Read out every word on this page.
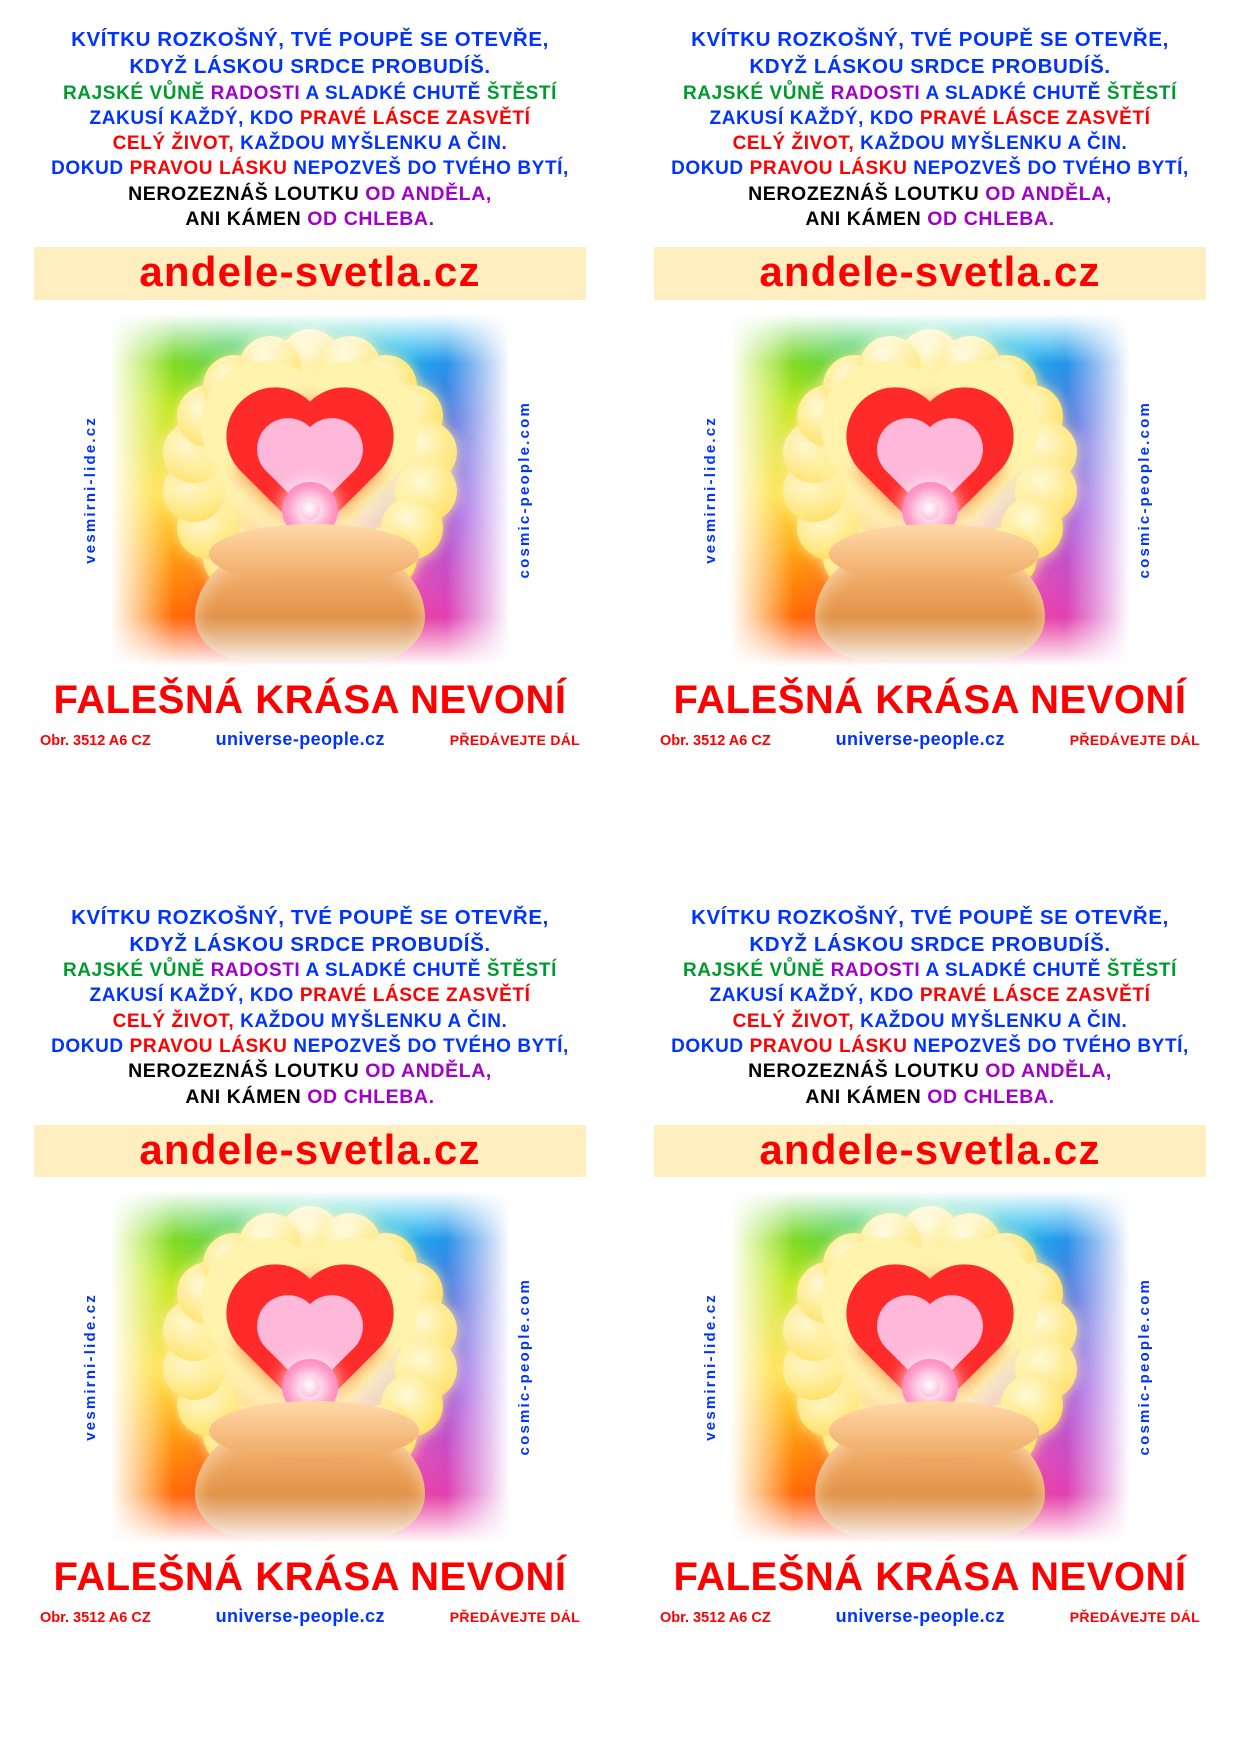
KVÍTKU ROZKOŠNÝ, TVÉ POUPĚ SE OTEVŘE,
KDYŽ LÁSKOU SRDCE PROBUDÍŠ.
RAJSKÉ VŮNĚ RADOSTI A SLADKÉ CHUTĚ ŠTĚSTÍ
ZAKUSÍ KAŽDÝ, KDO PRAVÉ LÁSCE ZASVĚTÍ
CELÝ ŽIVOT, KAŽDOU MYŠLENKU A ČIN.
DOKUD PRAVOU LÁSKU NEPOZVEŠ DO TVÉHO BYTÍ,
NEROZEZNÁŠ LOUTKU OD ANDĚLA,
ANI KÁMEN OD CHLEBA.
andele-svetla.cz
vesmirni-lide.cz	cosmic-people.com
FALEŠNÁ KRÁSA NEVONÍ
Obr. 3512 A6 CZ	universe-people.cz	PŘEDÁVEJTE DÁL
KVÍTKU ROZKOŠNÝ, TVÉ POUPĚ SE OTEVŘE,
KDYŽ LÁSKOU SRDCE PROBUDÍŠ.
RAJSKÉ VŮNĚ RADOSTI A SLADKÉ CHUTĚ ŠTĚSTÍ
ZAKUSÍ KAŽDÝ, KDO PRAVÉ LÁSCE ZASVĚTÍ
CELÝ ŽIVOT, KAŽDOU MYŠLENKU A ČIN.
DOKUD PRAVOU LÁSKU NEPOZVEŠ DO TVÉHO BYTÍ,
NEROZEZNÁŠ LOUTKU OD ANDĚLA,
ANI KÁMEN OD CHLEBA.
andele-svetla.cz
vesmirni-lide.cz	cosmic-people.com
FALEŠNÁ KRÁSA NEVONÍ
Obr. 3512 A6 CZ	universe-people.cz	PŘEDÁVEJTE DÁL
KVÍTKU ROZKOŠNÝ, TVÉ POUPĚ SE OTEVŘE,
KDYŽ LÁSKOU SRDCE PROBUDÍŠ.
RAJSKÉ VŮNĚ RADOSTI A SLADKÉ CHUTĚ ŠTĚSTÍ
ZAKUSÍ KAŽDÝ, KDO PRAVÉ LÁSCE ZASVĚTÍ
CELÝ ŽIVOT, KAŽDOU MYŠLENKU A ČIN.
DOKUD PRAVOU LÁSKU NEPOZVEŠ DO TVÉHO BYTÍ,
NEROZEZNÁŠ LOUTKU OD ANDĚLA,
ANI KÁMEN OD CHLEBA.
andele-svetla.cz
vesmirni-lide.cz	cosmic-people.com
FALEŠNÁ KRÁSA NEVONÍ
Obr. 3512 A6 CZ	universe-people.cz	PŘEDÁVEJTE DÁL
KVÍTKU ROZKOŠNÝ, TVÉ POUPĚ SE OTEVŘE,
KDYŽ LÁSKOU SRDCE PROBUDÍŠ.
RAJSKÉ VŮNĚ RADOSTI A SLADKÉ CHUTĚ ŠTĚSTÍ
ZAKUSÍ KAŽDÝ, KDO PRAVÉ LÁSCE ZASVĚTÍ
CELÝ ŽIVOT, KAŽDOU MYŠLENKU A ČIN.
DOKUD PRAVOU LÁSKU NEPOZVEŠ DO TVÉHO BYTÍ,
NEROZEZNÁŠ LOUTKU OD ANDĚLA,
ANI KÁMEN OD CHLEBA.
andele-svetla.cz
vesmirni-lide.cz	cosmic-people.com
FALEŠNÁ KRÁSA NEVONÍ
Obr. 3512 A6 CZ	universe-people.cz	PŘEDÁVEJTE DÁL
